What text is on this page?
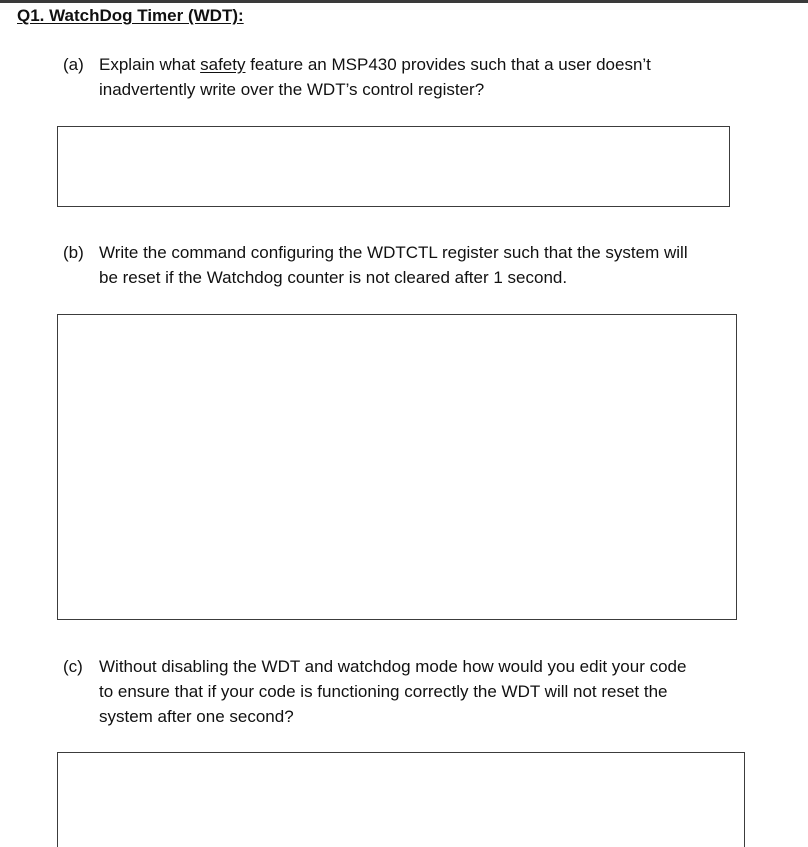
Q1. WatchDog Timer (WDT):
(a) Explain what safety feature an MSP430 provides such that a user doesn’t
inadvertently write over the WDT’s control register?
(b) Write the command configuring the WDTCTL register such that the system will
be reset if the Watchdog counter is not cleared after 1 second.
(c) Without disabling the WDT and watchdog mode how would you edit your code
to ensure that if your code is functioning correctly the WDT will not reset the
system after one second?
